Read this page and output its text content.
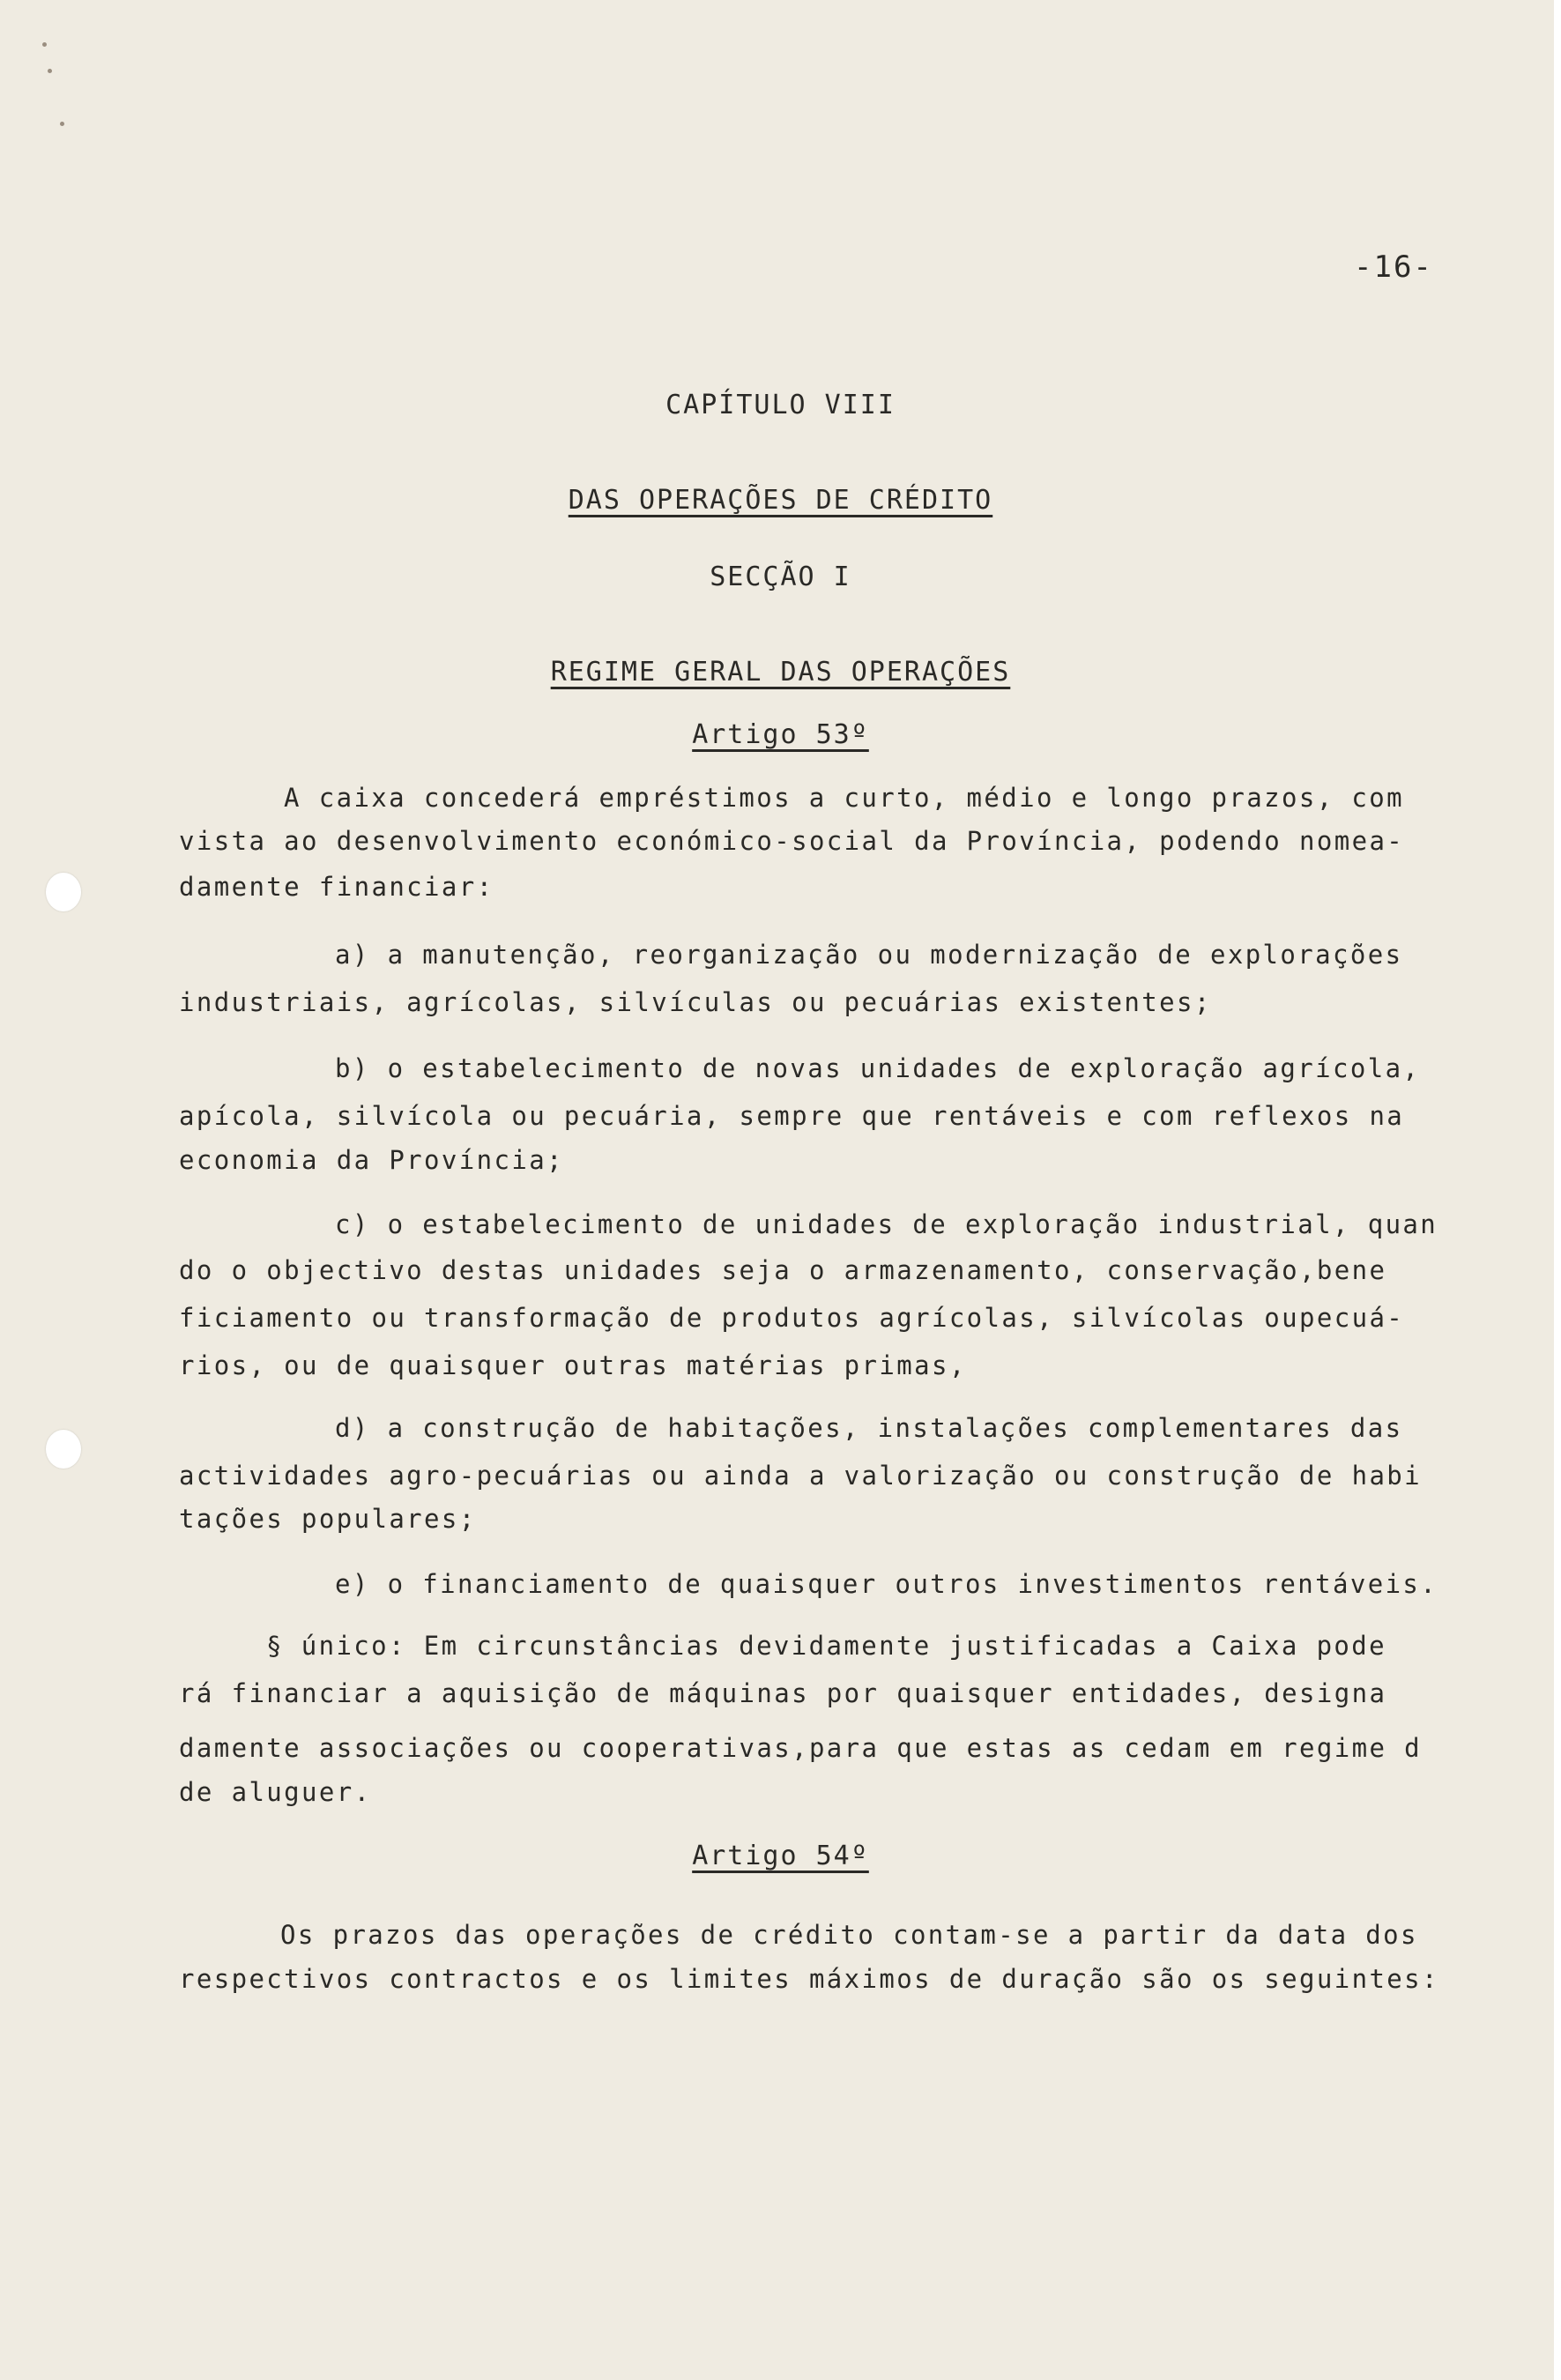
-16-
CAPÍTULO VIII
DAS OPERAÇÕES DE CRÉDITO
SECÇÃO I
REGIME GERAL DAS OPERAÇÕES
Artigo 53º
A caixa concederá empréstimos a curto, médio e longo prazos, com
vista ao desenvolvimento económico-social da Província, podendo nomea-
damente financiar:
a) a manutenção, reorganização ou modernização de explorações
industriais, agrícolas, silvículas ou pecuárias existentes;
b) o estabelecimento de novas unidades de exploração agrícola,
apícola, silvícola ou pecuária, sempre que rentáveis e com reflexos na
economia da Província;
c) o estabelecimento de unidades de exploração industrial, quan
do o objectivo destas unidades seja o armazenamento, conservação,bene
ficiamento ou transformação de produtos agrícolas, silvícolas oupecuá-
rios, ou de quaisquer outras matérias primas,
d) a construção de habitações, instalações complementares das
actividades agro-pecuárias ou ainda a valorização ou construção de habi
tações populares;
e) o financiamento de quaisquer outros investimentos rentáveis.
§ único: Em circunstâncias devidamente justificadas a Caixa pode
rá financiar a aquisição de máquinas por quaisquer entidades, designa
damente associações ou cooperativas,para que estas as cedam em regime d
de aluguer.
Artigo 54º
Os prazos das operações de crédito contam-se a partir da data dos
respectivos contractos e os limites máximos de duração são os seguintes:
